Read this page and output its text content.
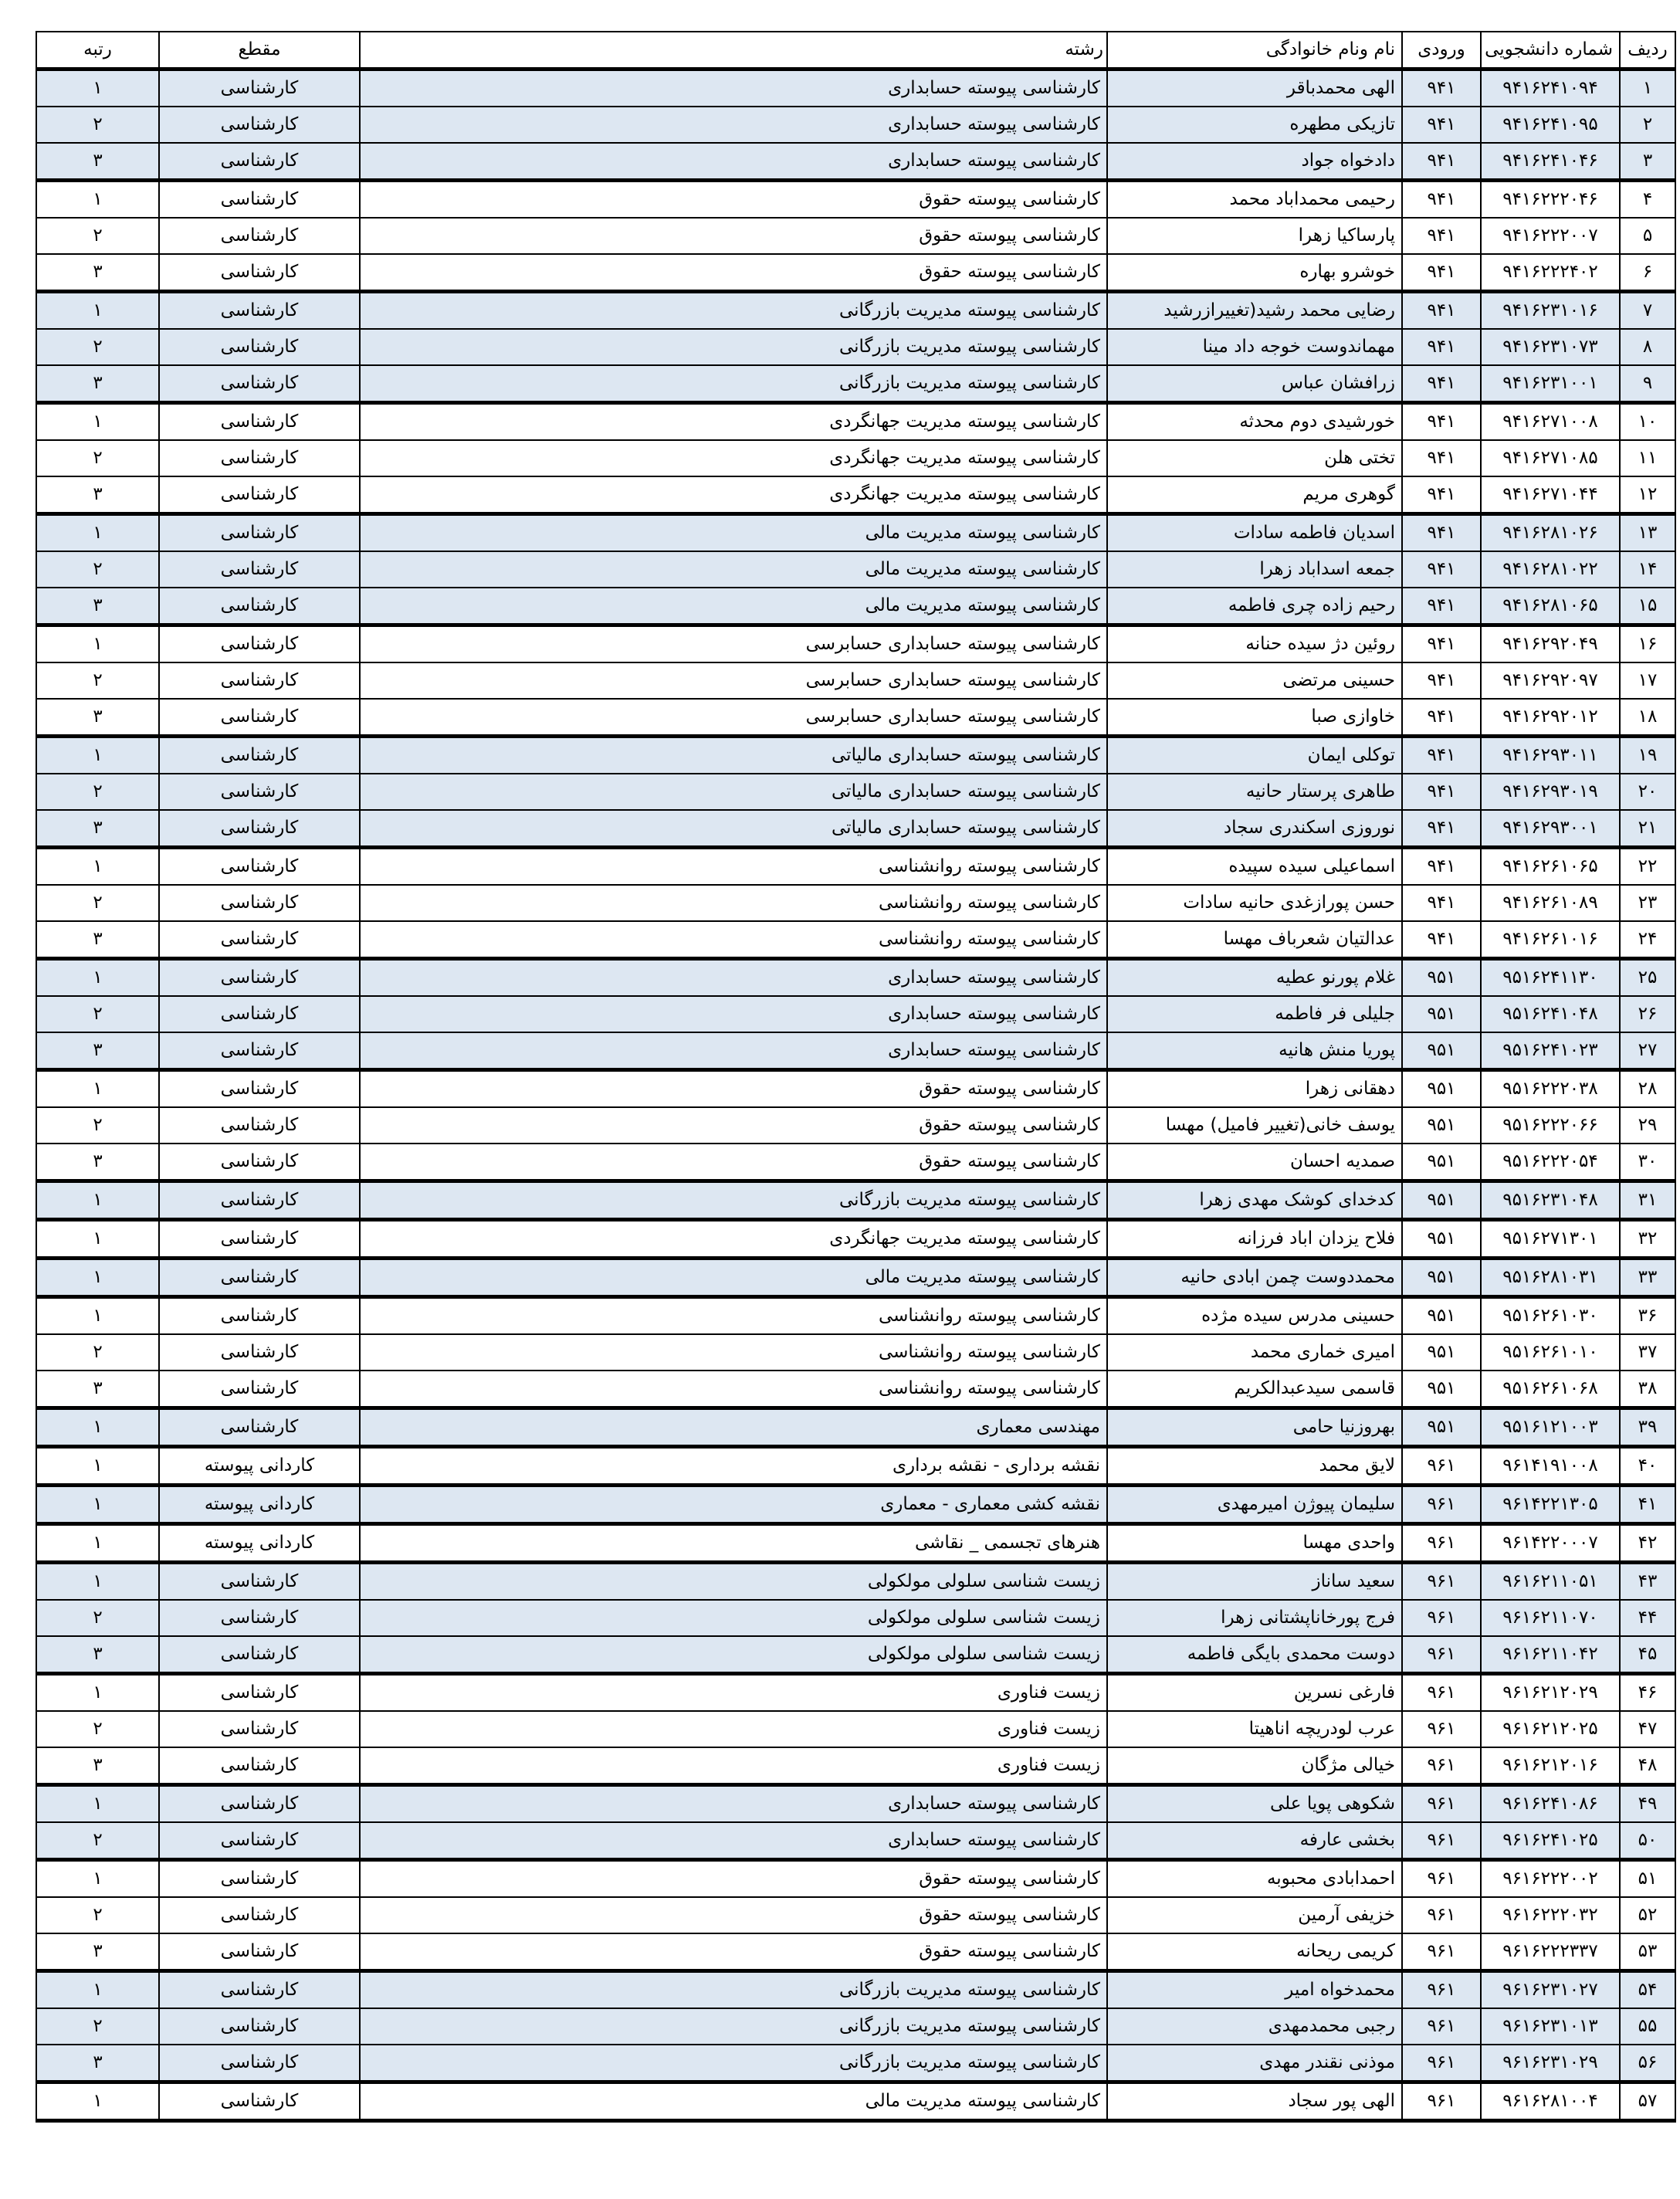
ردیف	شماره دانشجویی	ورودی	نام ونام خانوادگی	رشته	مقطع	رتبه
۱	۹۴۱۶۲۴۱۰۹۴	۹۴۱	الهی محمدباقر	کارشناسی پیوسته حسابداری	کارشناسی	۱
۲	۹۴۱۶۲۴۱۰۹۵	۹۴۱	تازیکی مطهره	کارشناسی پیوسته حسابداری	کارشناسی	۲
۳	۹۴۱۶۲۴۱۰۴۶	۹۴۱	دادخواه جواد	کارشناسی پیوسته حسابداری	کارشناسی	۳
۴	۹۴۱۶۲۲۲۰۴۶	۹۴۱	رحیمی محمداباد محمد	کارشناسی پیوسته حقوق	کارشناسی	۱
۵	۹۴۱۶۲۲۲۰۰۷	۹۴۱	پارساکیا زهرا	کارشناسی پیوسته حقوق	کارشناسی	۲
۶	۹۴۱۶۲۲۲۴۰۲	۹۴۱	خوشرو بهاره	کارشناسی پیوسته حقوق	کارشناسی	۳
۷	۹۴۱۶۲۳۱۰۱۶	۹۴۱	رضایی محمد رشید(تغییرازرشید	کارشناسی پیوسته مدیریت بازرگانی	کارشناسی	۱
۸	۹۴۱۶۲۳۱۰۷۳	۹۴۱	مهماندوست خوجه داد مینا	کارشناسی پیوسته مدیریت بازرگانی	کارشناسی	۲
۹	۹۴۱۶۲۳۱۰۰۱	۹۴۱	زرافشان عباس	کارشناسی پیوسته مدیریت بازرگانی	کارشناسی	۳
۱۰	۹۴۱۶۲۷۱۰۰۸	۹۴۱	خورشیدی دوم محدثه	کارشناسی پیوسته مدیریت جهانگردی	کارشناسی	۱
۱۱	۹۴۱۶۲۷۱۰۸۵	۹۴۱	تختی هلن	کارشناسی پیوسته مدیریت جهانگردی	کارشناسی	۲
۱۲	۹۴۱۶۲۷۱۰۴۴	۹۴۱	گوهری مریم	کارشناسی پیوسته مدیریت جهانگردی	کارشناسی	۳
۱۳	۹۴۱۶۲۸۱۰۲۶	۹۴۱	اسدیان فاطمه سادات	کارشناسی پیوسته مدیریت مالی	کارشناسی	۱
۱۴	۹۴۱۶۲۸۱۰۲۲	۹۴۱	جمعه اسداباد زهرا	کارشناسی پیوسته مدیریت مالی	کارشناسی	۲
۱۵	۹۴۱۶۲۸۱۰۶۵	۹۴۱	رحیم زاده چری فاطمه	کارشناسی پیوسته مدیریت مالی	کارشناسی	۳
۱۶	۹۴۱۶۲۹۲۰۴۹	۹۴۱	روئین دژ سیده حنانه	کارشناسی پیوسته حسابداری حسابرسی	کارشناسی	۱
۱۷	۹۴۱۶۲۹۲۰۹۷	۹۴۱	حسینی مرتضی	کارشناسی پیوسته حسابداری حسابرسی	کارشناسی	۲
۱۸	۹۴۱۶۲۹۲۰۱۲	۹۴۱	خاوازی صبا	کارشناسی پیوسته حسابداری حسابرسی	کارشناسی	۳
۱۹	۹۴۱۶۲۹۳۰۱۱	۹۴۱	توکلی ایمان	کارشناسی پیوسته حسابداری مالیاتی	کارشناسی	۱
۲۰	۹۴۱۶۲۹۳۰۱۹	۹۴۱	طاهری پرستار حانیه	کارشناسی پیوسته حسابداری مالیاتی	کارشناسی	۲
۲۱	۹۴۱۶۲۹۳۰۰۱	۹۴۱	نوروزی اسکندری سجاد	کارشناسی پیوسته حسابداری مالیاتی	کارشناسی	۳
۲۲	۹۴۱۶۲۶۱۰۶۵	۹۴۱	اسماعیلی سیده سپیده	کارشناسی پیوسته روانشناسی	کارشناسی	۱
۲۳	۹۴۱۶۲۶۱۰۸۹	۹۴۱	حسن پورازغدی حانیه سادات	کارشناسی پیوسته روانشناسی	کارشناسی	۲
۲۴	۹۴۱۶۲۶۱۰۱۶	۹۴۱	عدالتیان شعرباف مهسا	کارشناسی پیوسته روانشناسی	کارشناسی	۳
۲۵	۹۵۱۶۲۴۱۱۳۰	۹۵۱	غلام پورنو عطیه	کارشناسی پیوسته حسابداری	کارشناسی	۱
۲۶	۹۵۱۶۲۴۱۰۴۸	۹۵۱	جلیلی فر فاطمه	کارشناسی پیوسته حسابداری	کارشناسی	۲
۲۷	۹۵۱۶۲۴۱۰۲۳	۹۵۱	پوریا منش هانیه	کارشناسی پیوسته حسابداری	کارشناسی	۳
۲۸	۹۵۱۶۲۲۲۰۳۸	۹۵۱	دهقانی زهرا	کارشناسی پیوسته حقوق	کارشناسی	۱
۲۹	۹۵۱۶۲۲۲۰۶۶	۹۵۱	یوسف خانی(تغییر فامیل) مهسا	کارشناسی پیوسته حقوق	کارشناسی	۲
۳۰	۹۵۱۶۲۲۲۰۵۴	۹۵۱	صمدیه احسان	کارشناسی پیوسته حقوق	کارشناسی	۳
۳۱	۹۵۱۶۲۳۱۰۴۸	۹۵۱	کدخدای کوشک مهدی زهرا	کارشناسی پیوسته مدیریت بازرگانی	کارشناسی	۱
۳۲	۹۵۱۶۲۷۱۳۰۱	۹۵۱	فلاح یزدان اباد فرزانه	کارشناسی پیوسته مدیریت جهانگردی	کارشناسی	۱
۳۳	۹۵۱۶۲۸۱۰۳۱	۹۵۱	محمددوست چمن ابادی حانیه	کارشناسی پیوسته مدیریت مالی	کارشناسی	۱
۳۶	۹۵۱۶۲۶۱۰۳۰	۹۵۱	حسینی مدرس سیده مژده	کارشناسی پیوسته روانشناسی	کارشناسی	۱
۳۷	۹۵۱۶۲۶۱۰۱۰	۹۵۱	امیری خماری محمد	کارشناسی پیوسته روانشناسی	کارشناسی	۲
۳۸	۹۵۱۶۲۶۱۰۶۸	۹۵۱	قاسمی سیدعبدالکریم	کارشناسی پیوسته روانشناسی	کارشناسی	۳
۳۹	۹۵۱۶۱۲۱۰۰۳	۹۵۱	بهروزنیا حامی	مهندسی معماری	کارشناسی	۱
۴۰	۹۶۱۴۱۹۱۰۰۸	۹۶۱	لایق محمد	نقشه برداری - نقشه برداری	کاردانی پیوسته	۱
۴۱	۹۶۱۴۲۲۱۳۰۵	۹۶۱	سلیمان پیوژن امیرمهدی	نقشه کشی معماری - معماری	کاردانی پیوسته	۱
۴۲	۹۶۱۴۲۲۰۰۰۷	۹۶۱	واحدی مهسا	هنرهای تجسمی _ نقاشی	کاردانی پیوسته	۱
۴۳	۹۶۱۶۲۱۱۰۵۱	۹۶۱	سعید ساناز	زیست شناسی سلولی مولکولی	کارشناسی	۱
۴۴	۹۶۱۶۲۱۱۰۷۰	۹۶۱	فرج پورخاناپشتانی زهرا	زیست شناسی سلولی مولکولی	کارشناسی	۲
۴۵	۹۶۱۶۲۱۱۰۴۲	۹۶۱	دوست محمدی بایگی فاطمه	زیست شناسی سلولی مولکولی	کارشناسی	۳
۴۶	۹۶۱۶۲۱۲۰۲۹	۹۶۱	فارغی نسرین	زیست فناوری	کارشناسی	۱
۴۷	۹۶۱۶۲۱۲۰۲۵	۹۶۱	عرب لودریچه اناهیتا	زیست فناوری	کارشناسی	۲
۴۸	۹۶۱۶۲۱۲۰۱۶	۹۶۱	خیالی مژگان	زیست فناوری	کارشناسی	۳
۴۹	۹۶۱۶۲۴۱۰۸۶	۹۶۱	شکوهی پویا علی	کارشناسی پیوسته حسابداری	کارشناسی	۱
۵۰	۹۶۱۶۲۴۱۰۲۵	۹۶۱	بخشی عارفه	کارشناسی پیوسته حسابداری	کارشناسی	۲
۵۱	۹۶۱۶۲۲۲۰۰۲	۹۶۱	احمدابادی محبوبه	کارشناسی پیوسته حقوق	کارشناسی	۱
۵۲	۹۶۱۶۲۲۲۰۳۲	۹۶۱	خزیفی آرمین	کارشناسی پیوسته حقوق	کارشناسی	۲
۵۳	۹۶۱۶۲۲۲۳۳۷	۹۶۱	کریمی ریحانه	کارشناسی پیوسته حقوق	کارشناسی	۳
۵۴	۹۶۱۶۲۳۱۰۲۷	۹۶۱	محمدخواه امیر	کارشناسی پیوسته مدیریت بازرگانی	کارشناسی	۱
۵۵	۹۶۱۶۲۳۱۰۱۳	۹۶۱	رجبی محمدمهدی	کارشناسی پیوسته مدیریت بازرگانی	کارشناسی	۲
۵۶	۹۶۱۶۲۳۱۰۲۹	۹۶۱	موذنی نقندر مهدی	کارشناسی پیوسته مدیریت بازرگانی	کارشناسی	۳
۵۷	۹۶۱۶۲۸۱۰۰۴	۹۶۱	الهی پور سجاد	کارشناسی پیوسته مدیریت مالی	کارشناسی	۱
